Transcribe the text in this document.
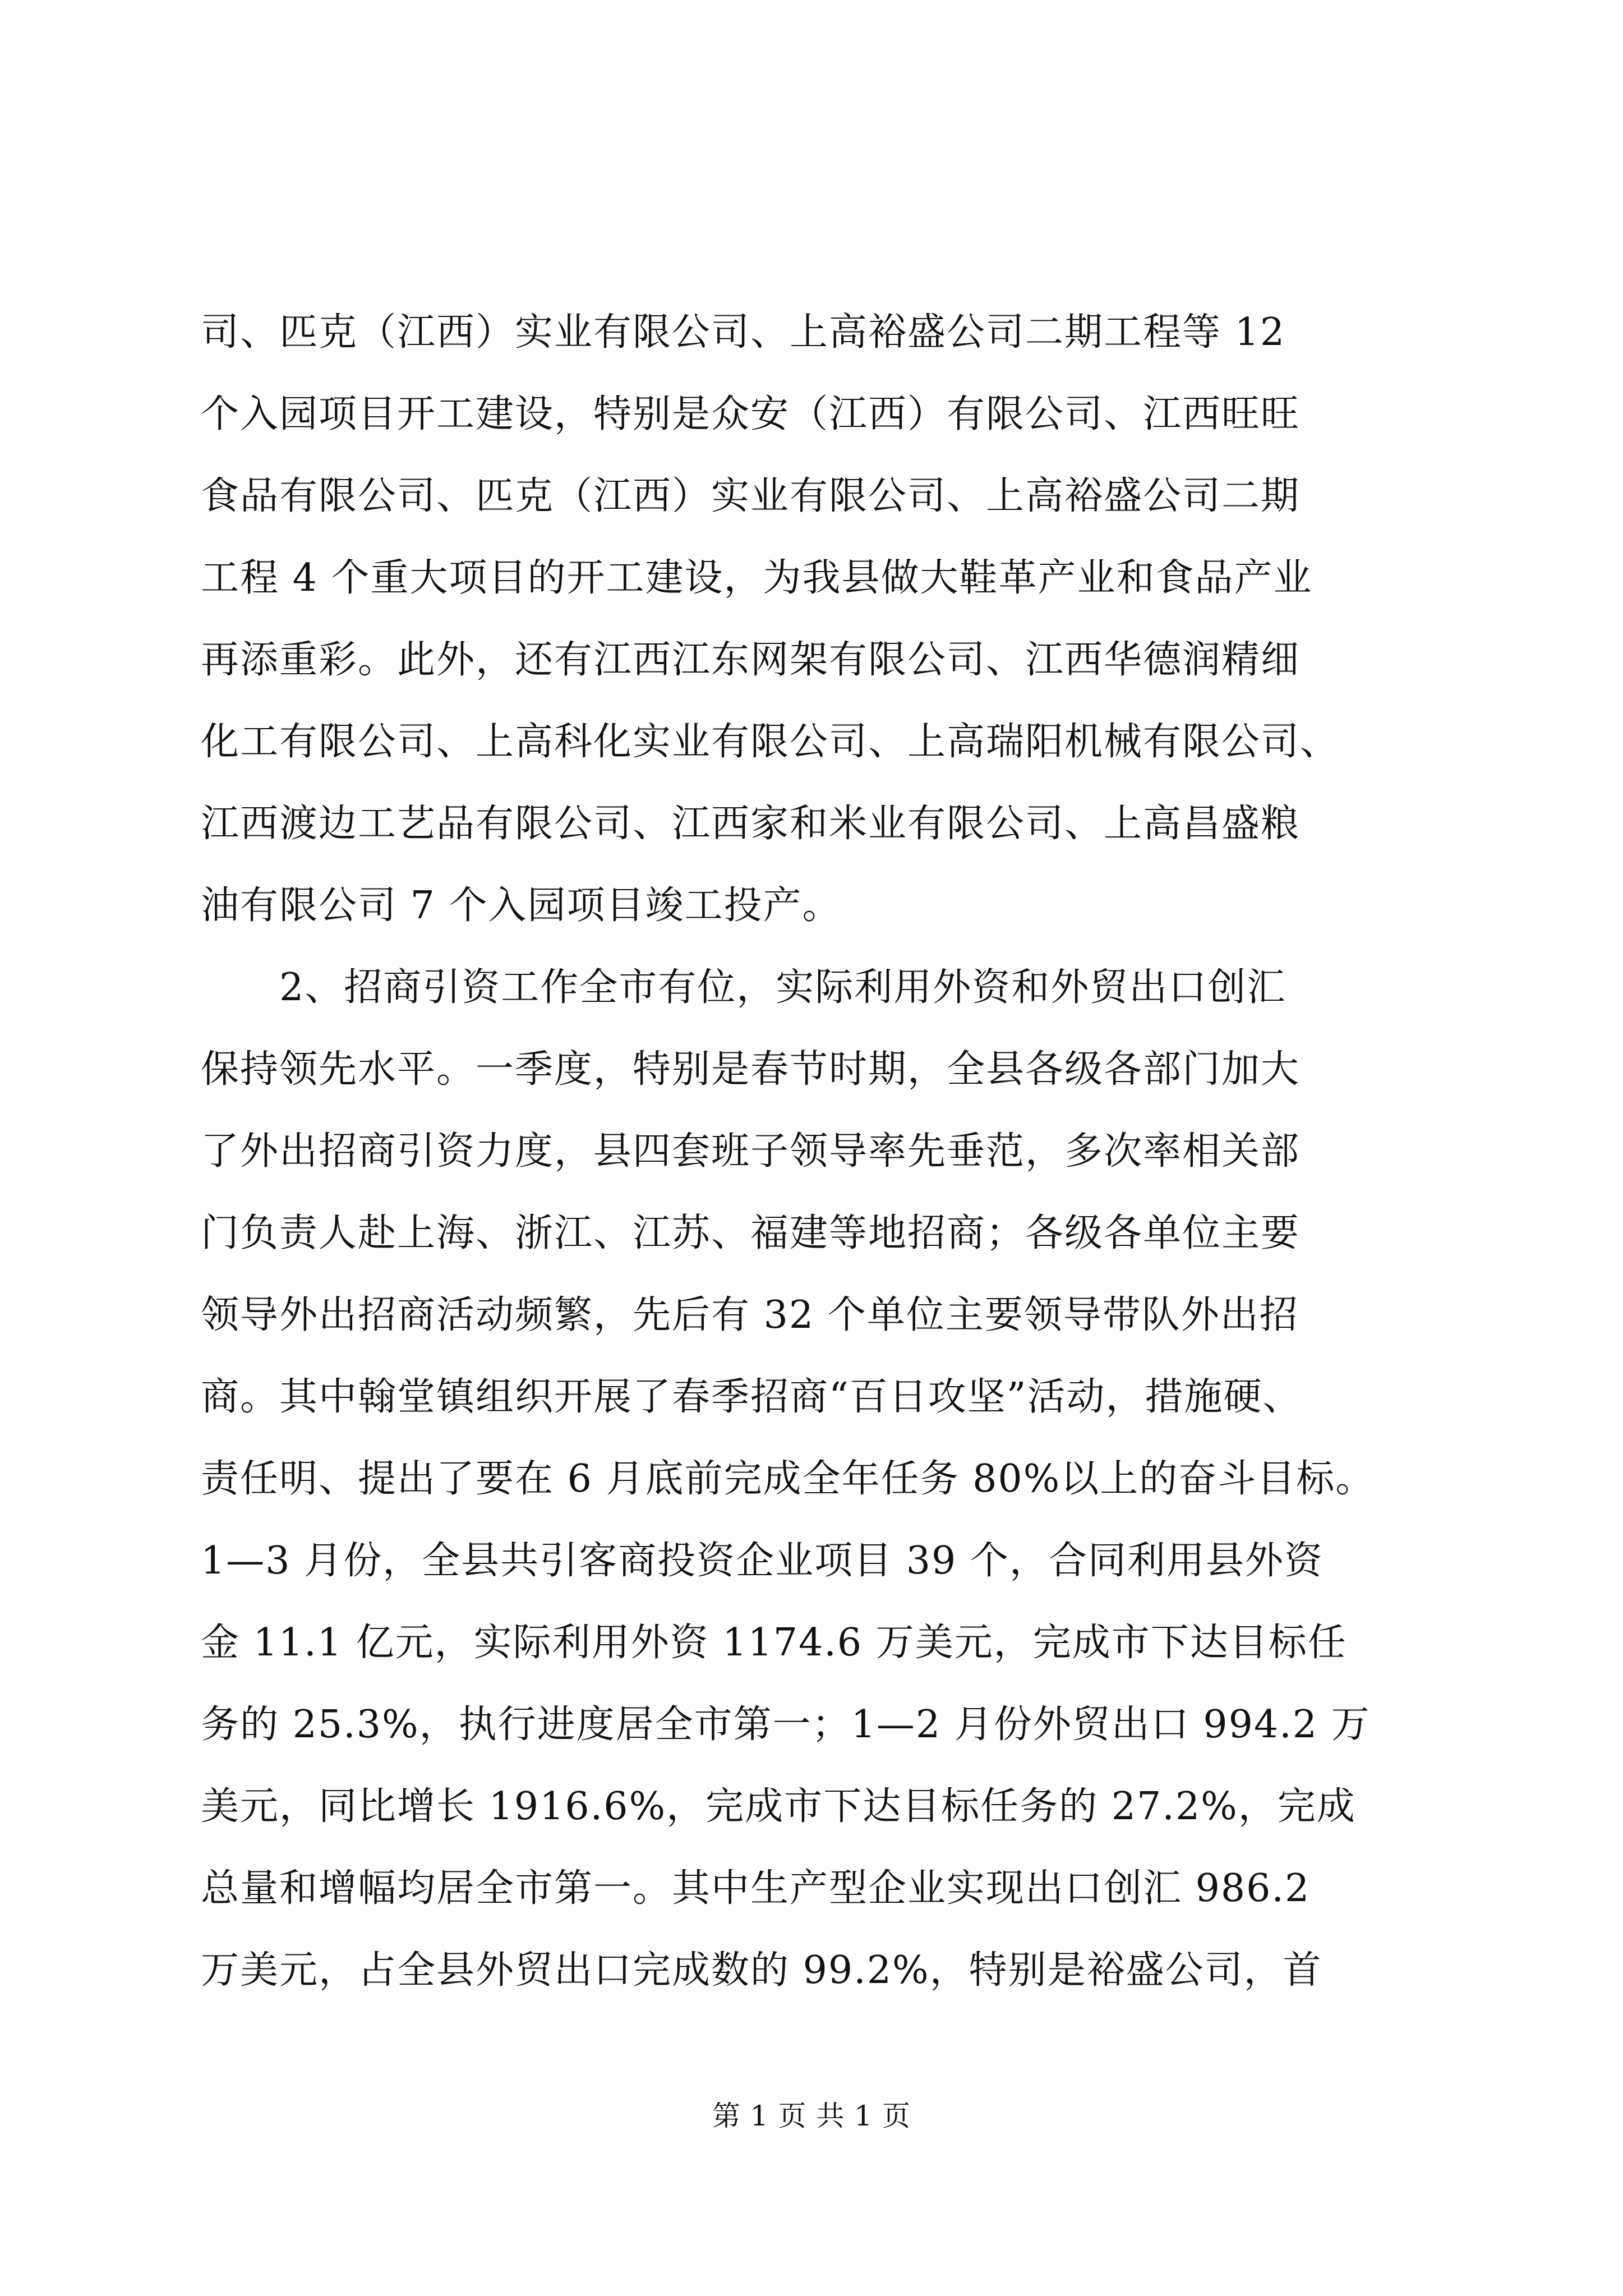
司、匹克（江西）实业有限公司、上高裕盛公司二期工程等 12
个入园项目开工建设，特别是众安（江西）有限公司、江西旺旺
食品有限公司、匹克（江西）实业有限公司、上高裕盛公司二期
工程 4 个重大项目的开工建设，为我县做大鞋革产业和食品产业
再添重彩。此外，还有江西江东网架有限公司、江西华德润精细
化工有限公司、上高科化实业有限公司、上高瑞阳机械有限公司、
江西渡边工艺品有限公司、江西家和米业有限公司、上高昌盛粮
油有限公司 7 个入园项目竣工投产。
2、招商引资工作全市有位，实际利用外资和外贸出口创汇
保持领先水平。一季度，特别是春节时期，全县各级各部门加大
了外出招商引资力度，县四套班子领导率先垂范，多次率相关部
门负责人赴上海、浙江、江苏、福建等地招商；各级各单位主要
领导外出招商活动频繁，先后有 32 个单位主要领导带队外出招
商。其中翰堂镇组织开展了春季招商“百日攻坚”活动，措施硬、
责任明、提出了要在 6 月底前完成全年任务 80%以上的奋斗目标。
1—3 月份，全县共引客商投资企业项目 39 个，合同利用县外资
金 11.1 亿元，实际利用外资 1174.6 万美元，完成市下达目标任
务的 25.3%，执行进度居全市第一；1—2 月份外贸出口 994.2 万
美元，同比增长 1916.6%，完成市下达目标任务的 27.2%，完成
总量和增幅均居全市第一。其中生产型企业实现出口创汇 986.2
万美元，占全县外贸出口完成数的 99.2%，特别是裕盛公司，首
第 1 页 共 1 页
